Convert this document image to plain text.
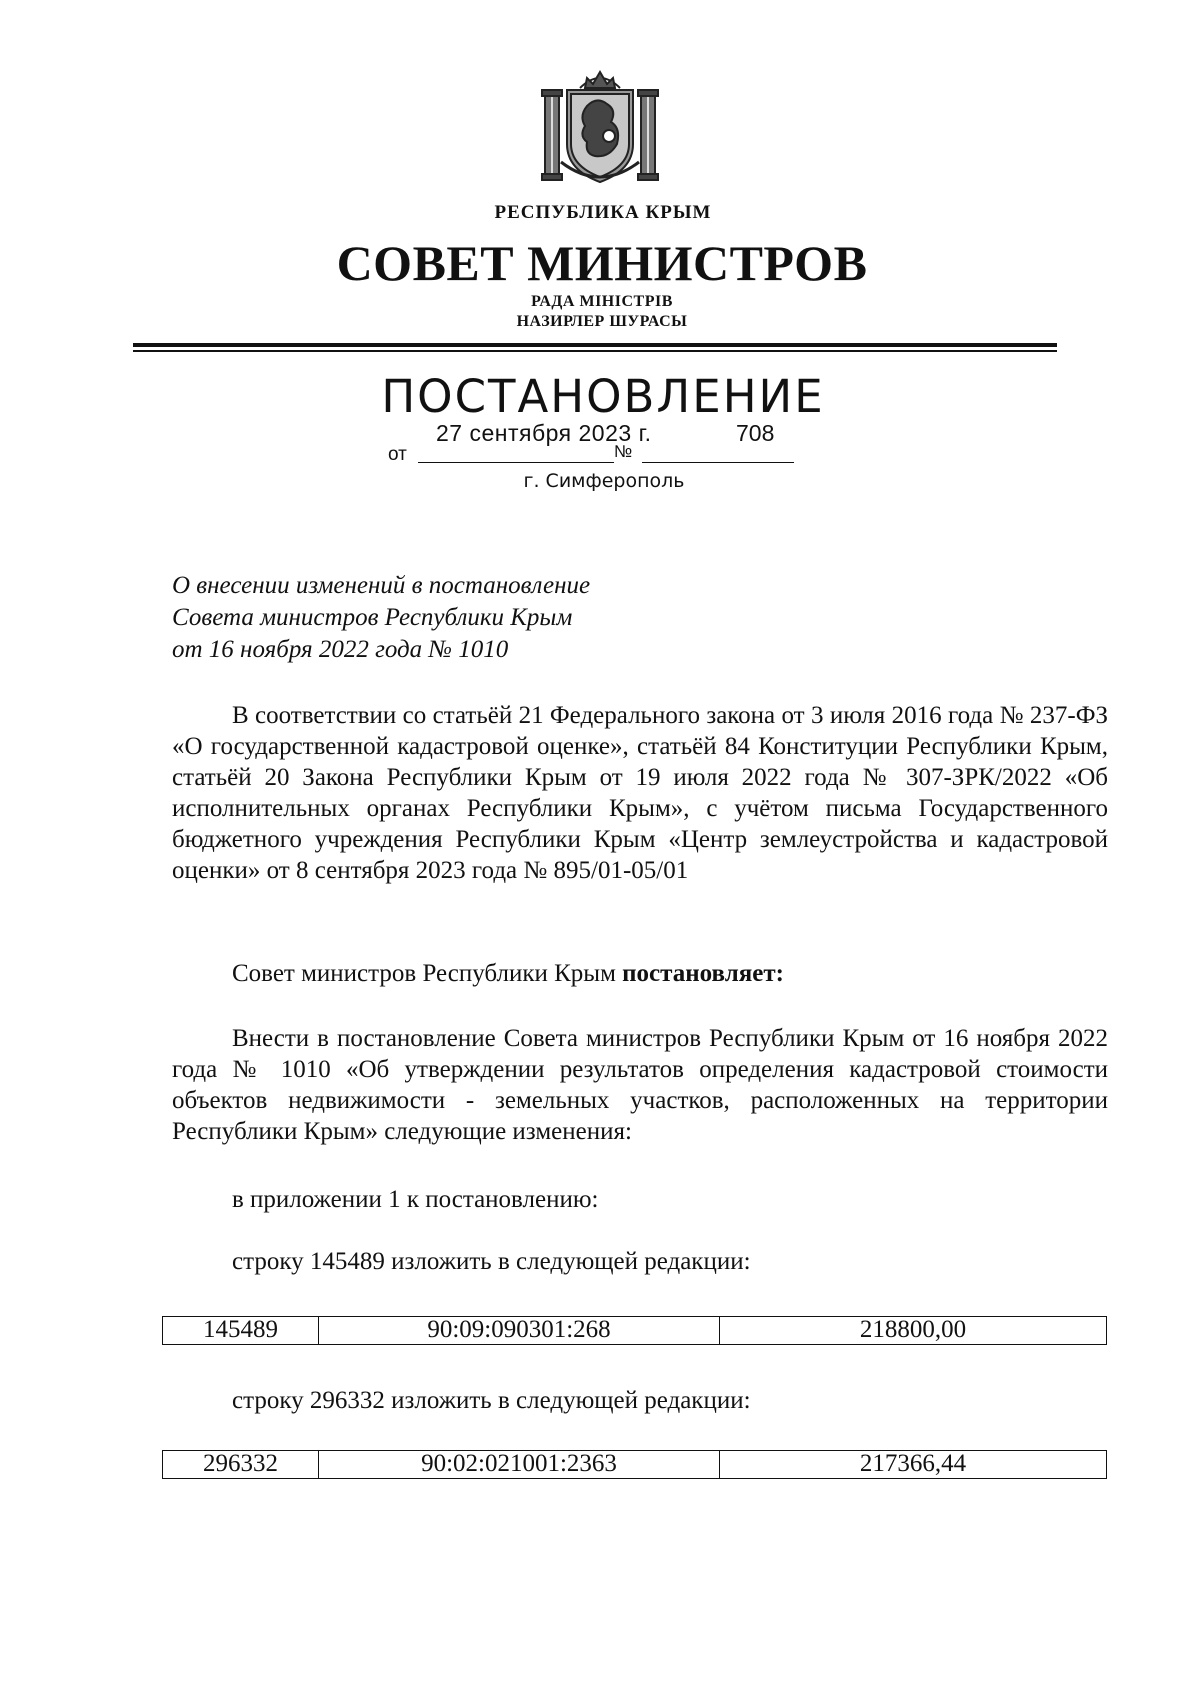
РЕСПУБЛИКА КРЫМ
СОВЕТ МИНИСТРОВ
РАДА МІНІСТРІВ
НАЗИРЛЕР ШУРАСЫ
ПОСТАНОВЛЕНИЕ
от
27 сентября 2023 г.
№
708
г. Симферополь
О внесении изменений в постановление
Совета министров Республики Крым
от 16 ноября 2022 года № 1010
В соответствии со статьёй 21 Федерального закона от 3 июля 2016 года № 237-ФЗ «О государственной кадастровой оценке», статьёй 84 Конституции Республики Крым, статьёй 20 Закона Республики Крым от 19 июля 2022 года № 307-ЗРК/2022 «Об исполнительных органах Республики Крым», с учётом письма Государственного бюджетного учреждения Республики Крым «Центр землеустройства и кадастровой оценки» от 8 сентября 2023 года № 895/01-05/01
Совет министров Республики Крым постановляет:
Внести в постановление Совета министров Республики Крым от 16 ноября 2022 года № 1010 «Об утверждении результатов определения кадастровой стоимости объектов недвижимости - земельных участков, расположенных на территории Республики Крым» следующие изменения:
в приложении 1 к постановлению:
строку 145489 изложить в следующей редакции:
145489	90:09:090301:268	218800,00
строку 296332 изложить в следующей редакции:
296332	90:02:021001:2363	217366,44
